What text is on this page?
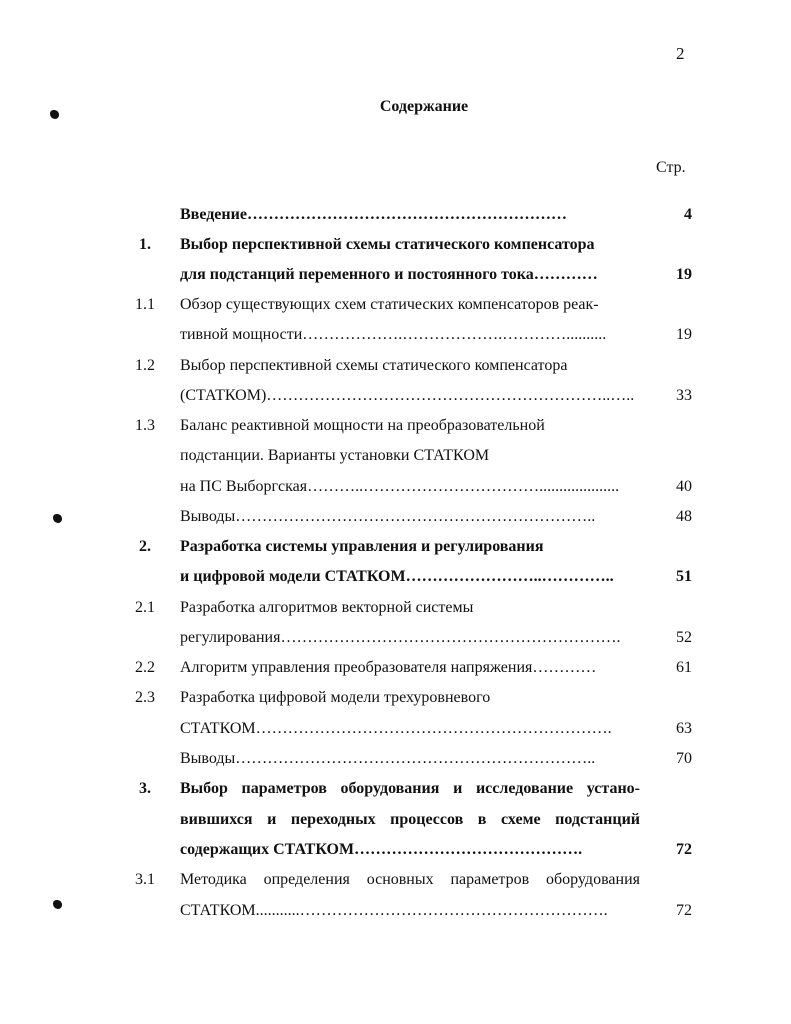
2
Содержание
Стр.
Введение ……………………………………………………	4
1.	Выбор перспективной схемы статического компенсатора
для подстанций переменного и постоянного тока …………	19
1.1	Обзор существующих схем статических компенсаторов реак-
тивной мощности ……………….……………….…………..........	19
1.2	Выбор перспективной схемы статического компенсатора
(СТАТКОМ) ………………………………………………………..…..	33
1.3	Баланс реактивной мощности на преобразовательной
подстанции. Варианты установки СТАТКОМ
на ПС Выборгская ………..……………………………....................	40
Выводы …………………………………………………………..	48
2.	Разработка системы управления и регулирования
и цифровой модели СТАТКОМ ……………………..…………..	51
2.1	Разработка алгоритмов векторной системы
регулирования ……………………………………………………….	52
2.2	Алгоритм управления преобразователя напряжения …………	61
2.3	Разработка цифровой модели трехуровневого
СТАТКОМ ………………………………………………………….	63
Выводы …………………………………………………………..	70
3.	Выбор параметров оборудования и исследование устано-
вившихся и переходных процессов в схеме подстанций
содержащих СТАТКОМ …………………………………….	72
3.1	Методика определения основных параметров оборудования
СТАТКОМ ...........………………………………………………….	72
